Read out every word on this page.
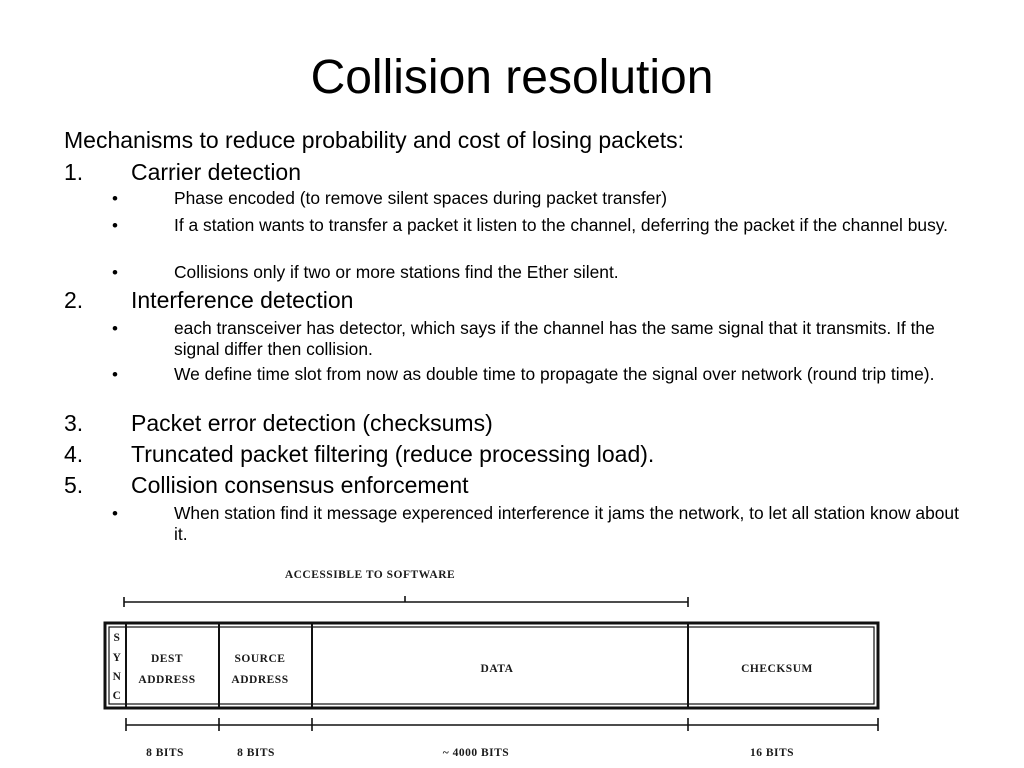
Collision resolution
Mechanisms to reduce probability and cost of losing packets:
1. Carrier detection
•	Phase encoded (to remove silent spaces during packet transfer)
•	If a station wants to transfer a packet it listen to the channel, deferring the packet if the channel busy.
•	Collisions only if two or more stations find the Ether silent.
2. Interference detection
•	each transceiver has detector, which says if the channel has the same signal that it transmits. If the signal differ then collision.
•	We define time slot from now as double time to propagate the signal over network (round trip time).
3. Packet error detection (checksums)
4. Truncated packet filtering (reduce processing load).
5. Collision consensus enforcement
•	When station find it message experenced interference it jams the network, to let all station know about it.
ACCESSIBLE TO SOFTWARE
S
Y
N
C
DEST
ADDRESS
SOURCE
ADDRESS
DATA	CHECKSUM
8 BITS	8 BITS	~ 4000 BITS	16 BITS
